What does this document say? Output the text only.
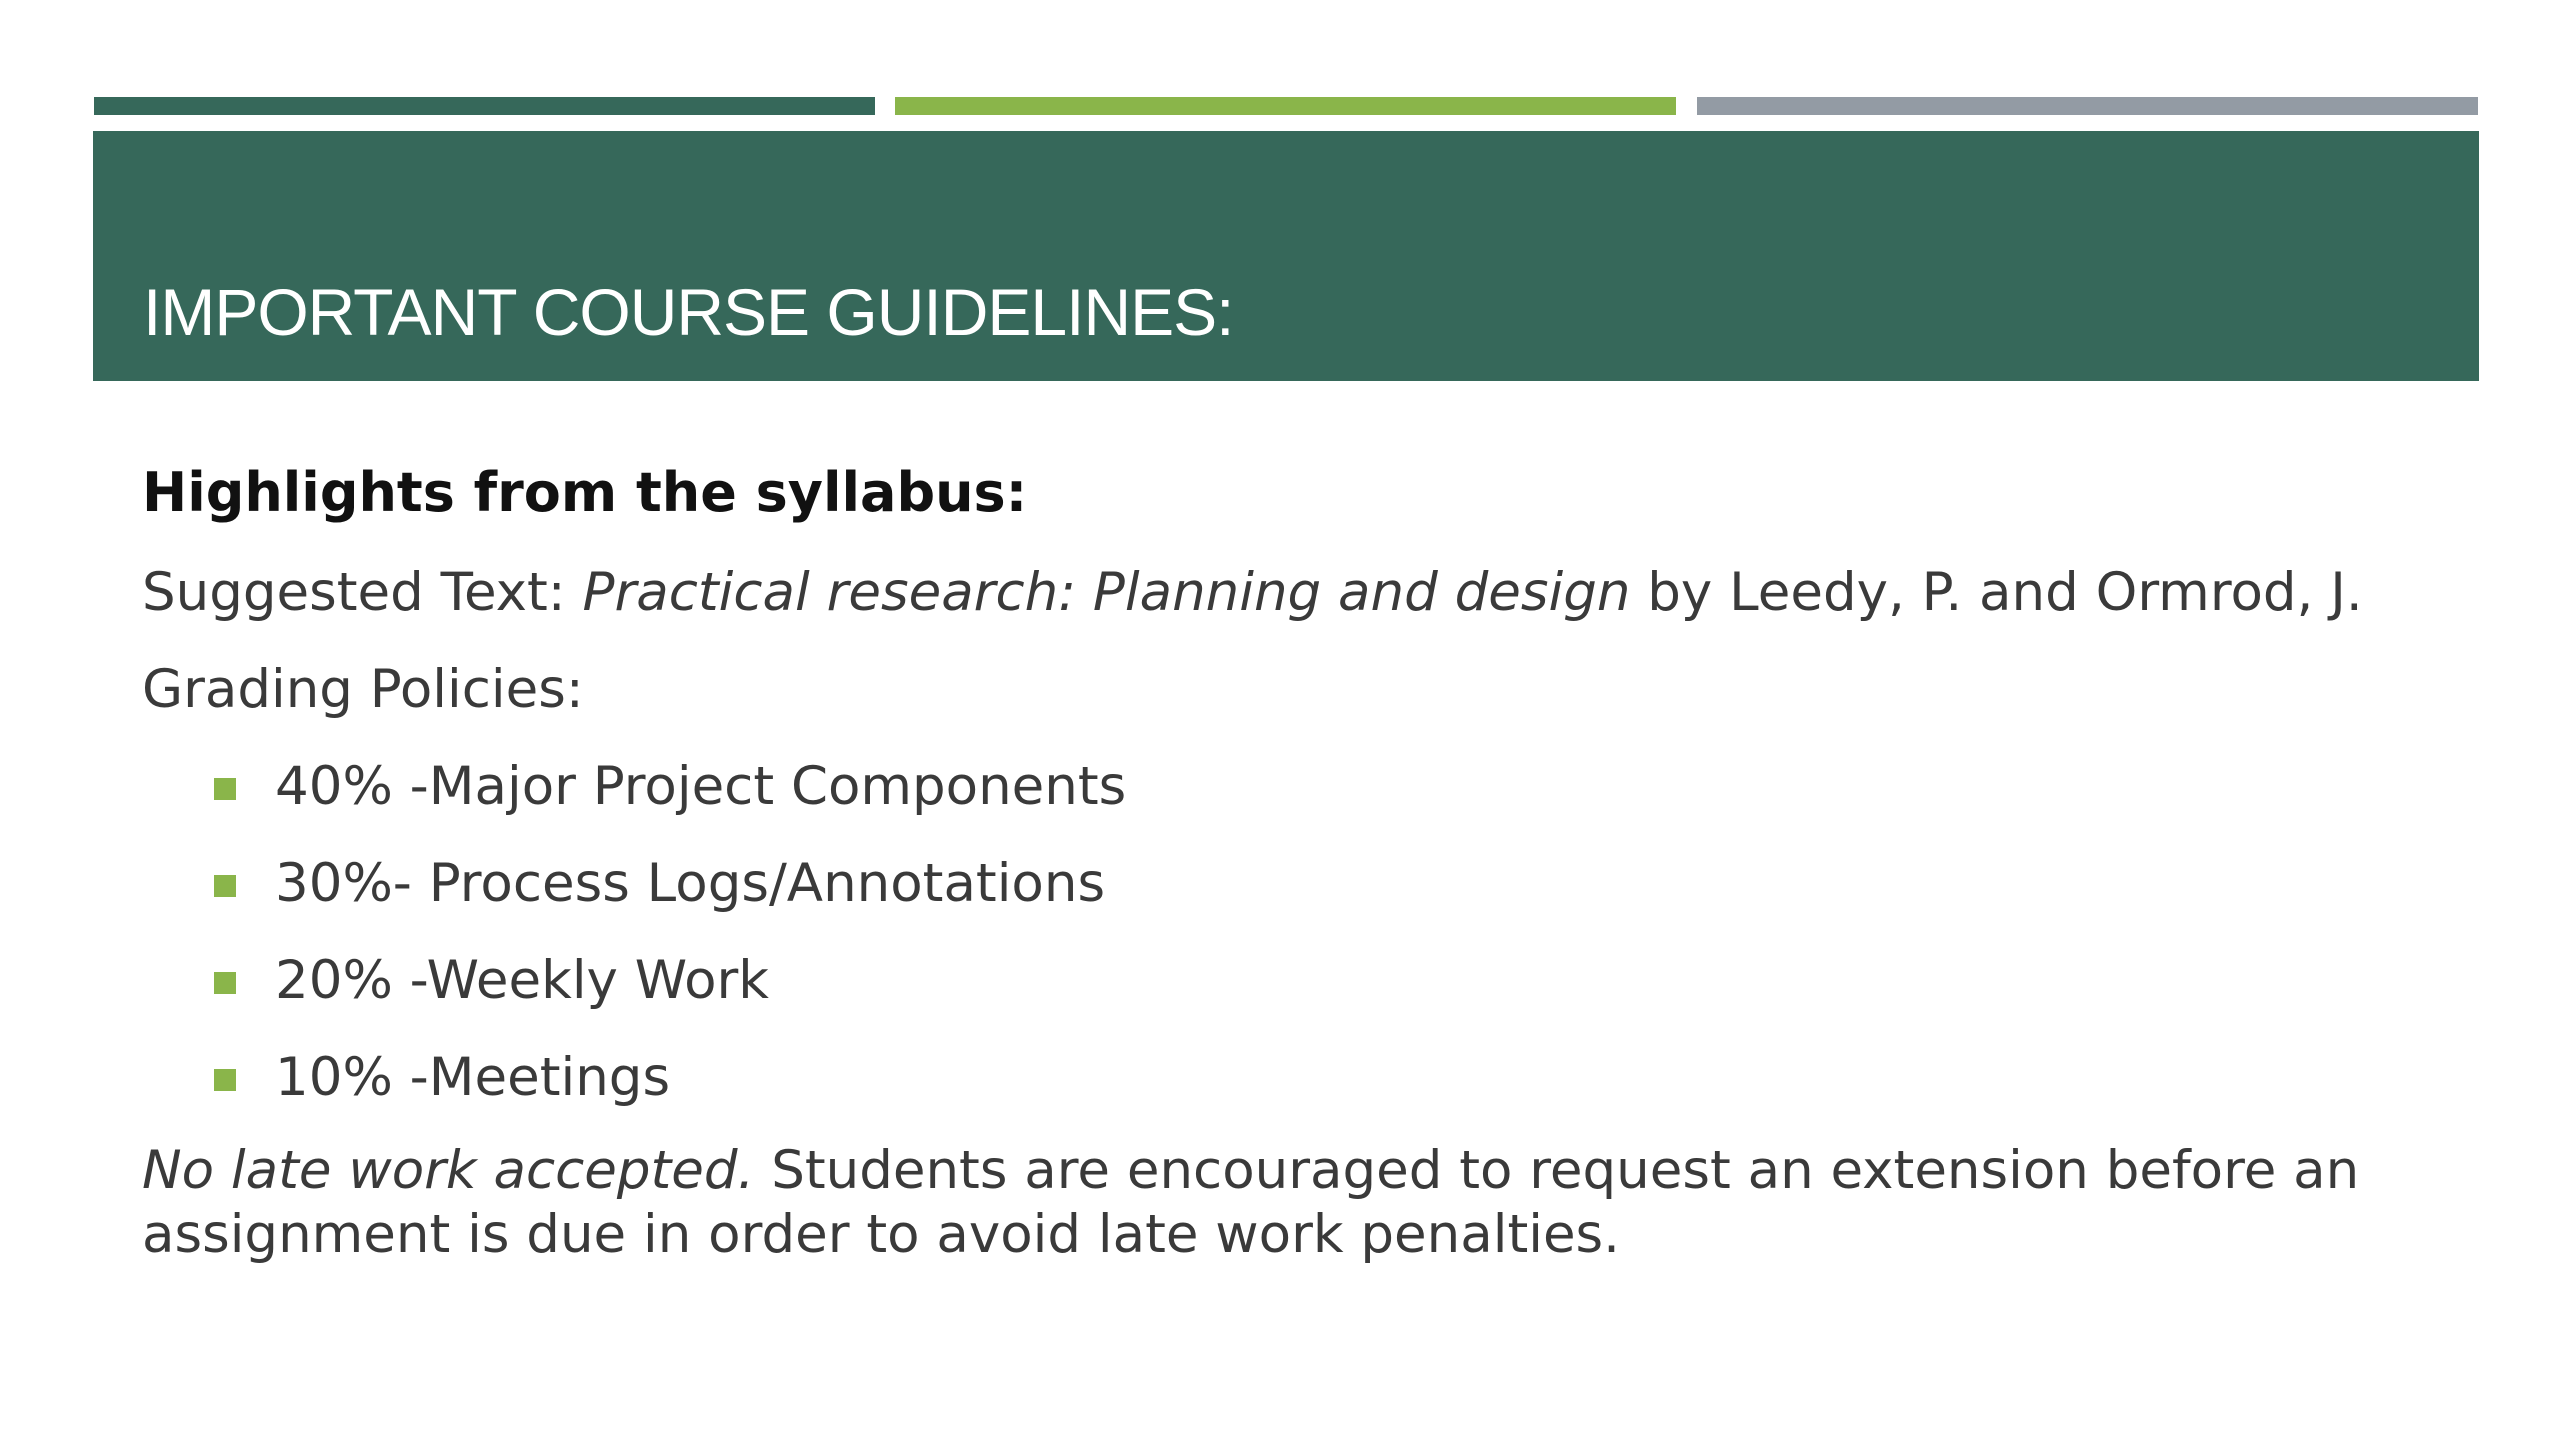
IMPORTANT COURSE GUIDELINES:

Highlights from the syllabus:

Suggested Text: Practical research: Planning and design by Leedy, P. and Ormrod, J.

Grading Policies:

40% -Major Project Components
30%- Process Logs/Annotations
20% -Weekly Work
10% -Meetings

No late work accepted. Students are encouraged to request an extension before an assignment is due in order to avoid late work penalties.
